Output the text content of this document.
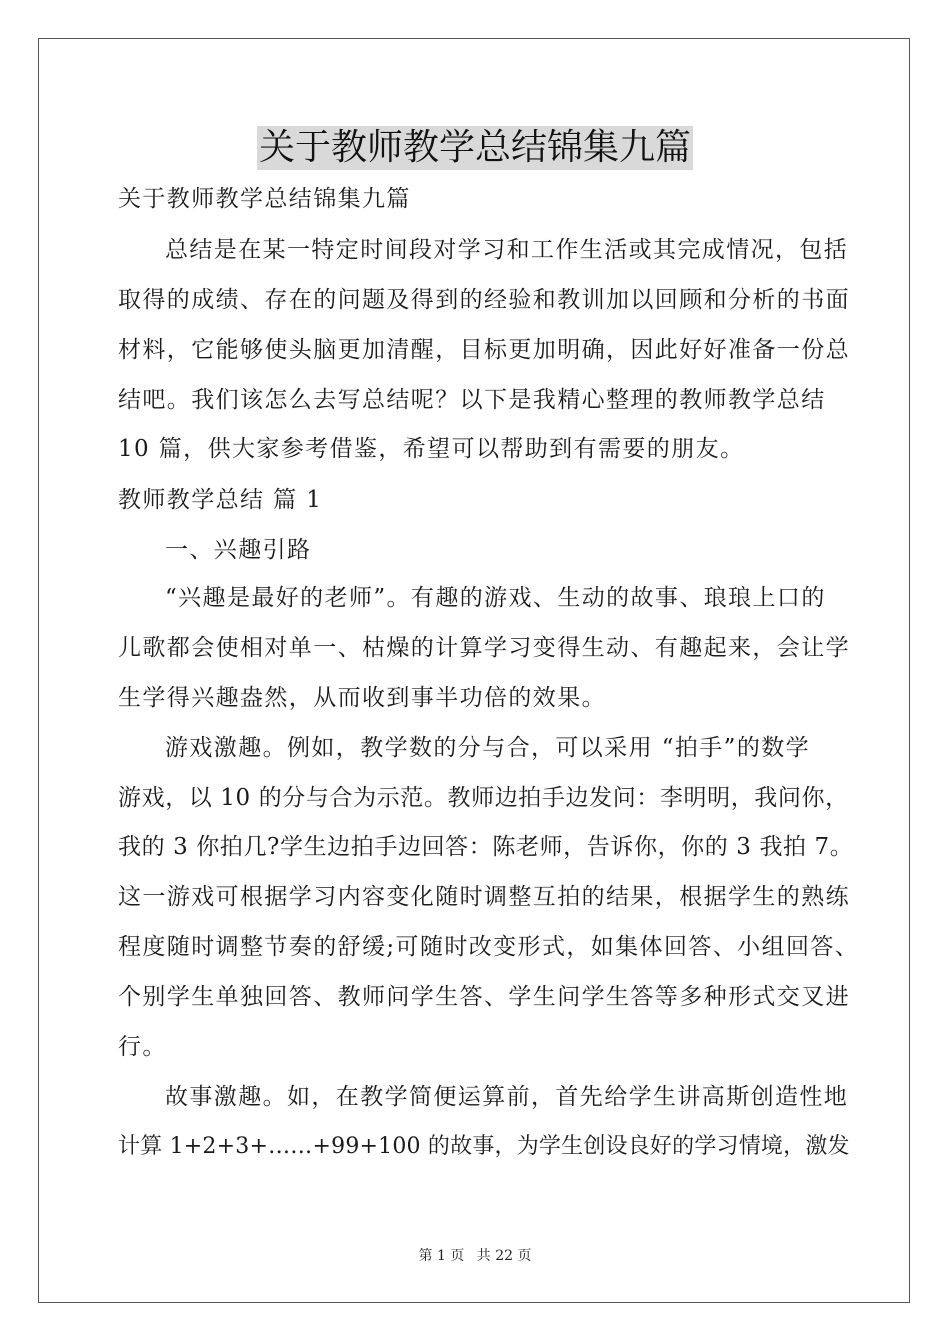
关于教师教学总结锦集九篇
关于教师教学总结锦集九篇
总结是在某一特定时间段对学习和工作生活或其完成情况，包括
取得的成绩、存在的问题及得到的经验和教训加以回顾和分析的书面
材料，它能够使头脑更加清醒，目标更加明确，因此好好准备一份总
结吧。我们该怎么去写总结呢？以下是我精心整理的教师教学总结
10 篇，供大家参考借鉴，希望可以帮助到有需要的朋友。
教师教学总结 篇 1
一、兴趣引路
“兴趣是最好的老师”。有趣的游戏、生动的故事、琅琅上口的
儿歌都会使相对单一、枯燥的计算学习变得生动、有趣起来，会让学
生学得兴趣盎然，从而收到事半功倍的效果。
游戏激趣。例如，教学数的分与合，可以采用 “拍手”的数学
游戏，以 10 的分与合为示范。教师边拍手边发问：李明明，我问你，
我的 3 你拍几?学生边拍手边回答：陈老师，告诉你，你的 3 我拍 7。
这一游戏可根据学习内容变化随时调整互拍的结果，根据学生的熟练
程度随时调整节奏的舒缓;可随时改变形式，如集体回答、小组回答、
个别学生单独回答、教师问学生答、学生问学生答等多种形式交叉进
行。
故事激趣。如，在教学简便运算前，首先给学生讲高斯创造性地
计算 1+2+3+……+99+100 的故事，为学生创设良好的学习情境，激发
第 1 页 共 22 页
